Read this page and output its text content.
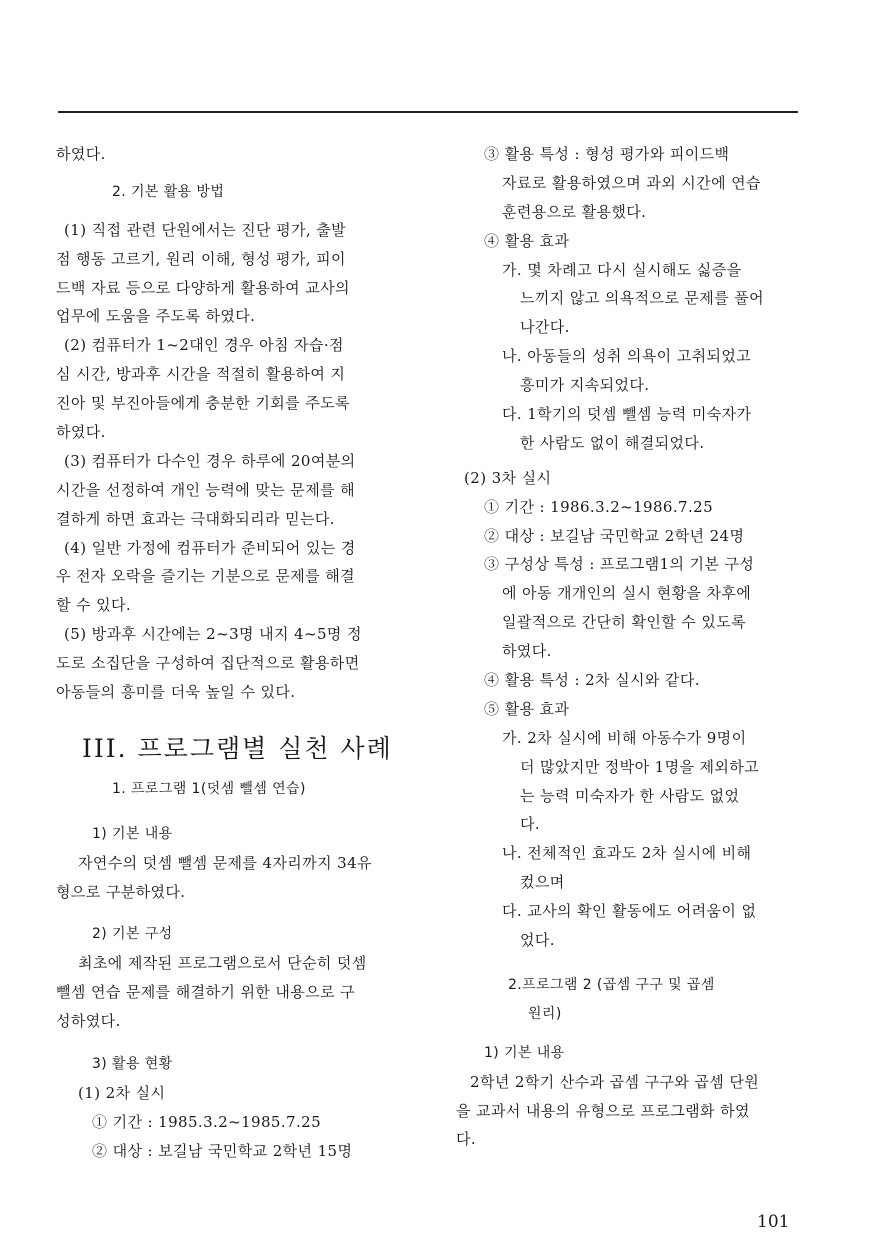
하였다.
2. 기본 활용 방법
(1) 직접 관련 단원에서는 진단 평가, 출발
점 행동 고르기, 원리 이해, 형성 평가, 피이
드백 자료 등으로 다양하게 활용하여 교사의
업무에 도움을 주도록 하였다.
(2) 컴퓨터가 1~2대인 경우 아침 자습·점
심 시간, 방과후 시간을 적절히 활용하여 지
진아 및 부진아들에게 충분한 기회를 주도록
하였다.
(3) 컴퓨터가 다수인 경우 하루에 20여분의
시간을 선정하여 개인 능력에 맞는 문제를 해
결하게 하면 효과는 극대화되리라 믿는다.
(4) 일반 가정에 컴퓨터가 준비되어 있는 경
우 전자 오락을 즐기는 기분으로 문제를 해결
할 수 있다.
(5) 방과후 시간에는 2~3명 내지 4~5명 정
도로 소집단을 구성하여 집단적으로 활용하면
아동들의 흥미를 더욱 높일 수 있다.
III. 프로그램별 실천 사례
1. 프로그램 1(덧셈 뺄셈 연습)
1) 기본 내용
자연수의 덧셈 뺄셈 문제를 4자리까지 34유
형으로 구분하였다.
2) 기본 구성
최초에 제작된 프로그램으로서 단순히 덧셈
뺄셈 연습 문제를 해결하기 위한 내용으로 구
성하였다.
3) 활용 현황
(1) 2차 실시
① 기간 : 1985.3.2~1985.7.25
② 대상 : 보길남 국민학교 2학년 15명
③ 활용 특성 : 형성 평가와 피이드백
자료로 활용하였으며 과외 시간에 연습
훈련용으로 활용했다.
④ 활용 효과
가. 몇 차례고 다시 실시해도 싫증을
느끼지 않고 의욕적으로 문제를 풀어
나간다.
나. 아동들의 성취 의욕이 고취되었고
흥미가 지속되었다.
다. 1학기의 덧셈 뺄셈 능력 미숙자가
한 사람도 없이 해결되었다.
(2) 3차 실시
① 기간 : 1986.3.2~1986.7.25
② 대상 : 보길남 국민학교 2학년 24명
③ 구성상 특성 : 프로그램1의 기본 구성
에 아동 개개인의 실시 현황을 차후에
일괄적으로 간단히 확인할 수 있도록
하였다.
④ 활용 특성 : 2차 실시와 같다.
⑤ 활용 효과
가. 2차 실시에 비해 아동수가 9명이
더 많았지만 정박아 1명을 제외하고
는 능력 미숙자가 한 사람도 없었
다.
나. 전체적인 효과도 2차 실시에 비해
컸으며
다. 교사의 확인 활동에도 어려움이 없
었다.
2.프로그램 2 (곱셈 구구 및 곱셈
원리)
1) 기본 내용
2학년 2학기 산수과 곱셈 구구와 곱셈 단원
을 교과서 내용의 유형으로 프로그램화 하였
다.
101
